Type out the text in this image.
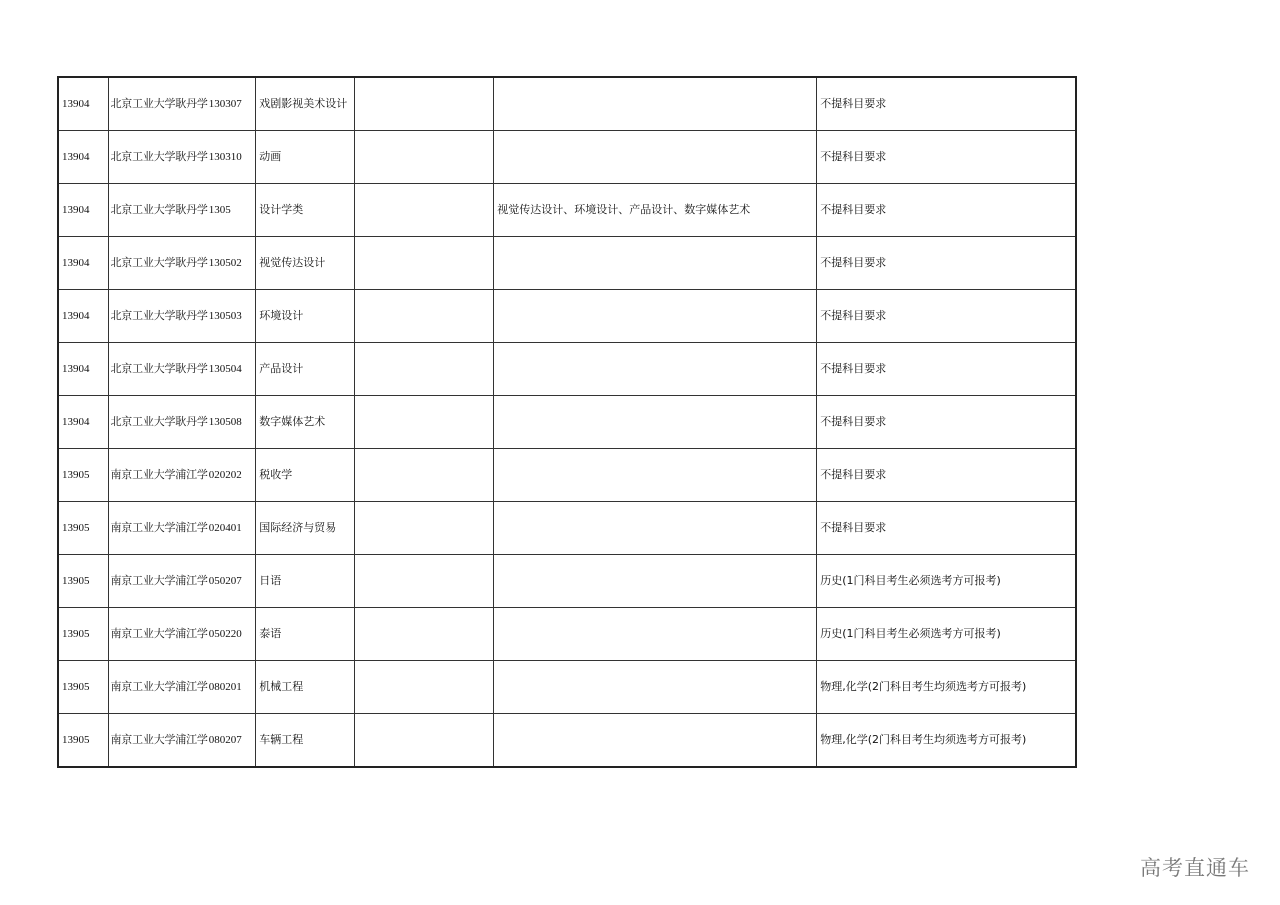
13904	北京工业大学耿丹学	130307	戏剧影视美术设计			不提科目要求
13904	北京工业大学耿丹学	130310	动画			不提科目要求
13904	北京工业大学耿丹学	1305	设计学类		视觉传达设计、环境设计、产品设计、数字媒体艺术	不提科目要求
13904	北京工业大学耿丹学	130502	视觉传达设计			不提科目要求
13904	北京工业大学耿丹学	130503	环境设计			不提科目要求
13904	北京工业大学耿丹学	130504	产品设计			不提科目要求
13904	北京工业大学耿丹学	130508	数字媒体艺术			不提科目要求
13905	南京工业大学浦江学	020202	税收学			不提科目要求
13905	南京工业大学浦江学	020401	国际经济与贸易			不提科目要求
13905	南京工业大学浦江学	050207	日语			历史(1门科目考生必须选考方可报考)
13905	南京工业大学浦江学	050220	泰语			历史(1门科目考生必须选考方可报考)
13905	南京工业大学浦江学	080201	机械工程			物理,化学(2门科目考生均须选考方可报考)
13905	南京工业大学浦江学	080207	车辆工程			物理,化学(2门科目考生均须选考方可报考)
高考直通车
